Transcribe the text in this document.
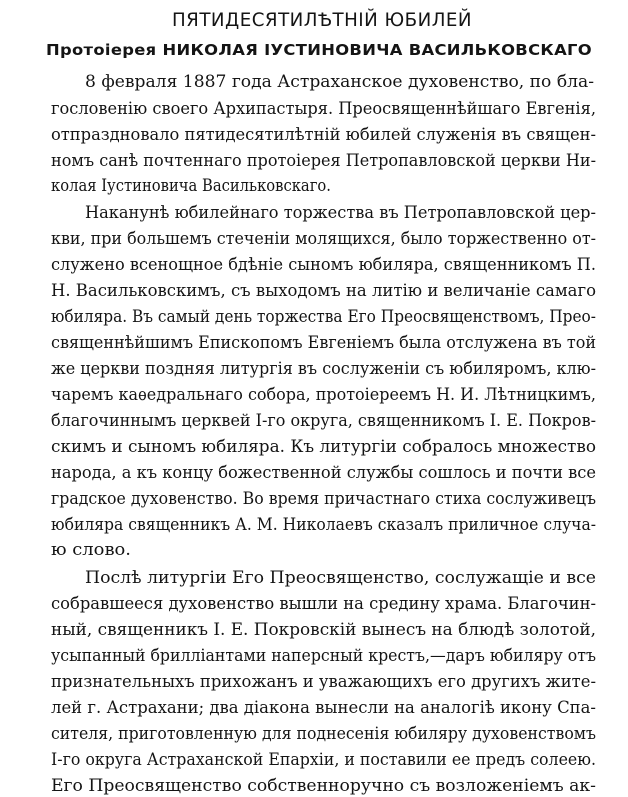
ПЯТИДЕСЯТИЛѢТНІЙ ЮБИЛЕЙ
Протоіерея НИКОЛАЯ ІУСТИНОВИЧА ВАСИЛЬКОВСКАГО

8 февраля 1887 года Астраханское духовенство, по бла-

гословенію своего Архипастыря. Преосвященнѣйшаго Евгенія,

отпраздновало пятидесятилѣтній юбилей служенія въ священ-

номъ санѣ почтеннаго протоіерея Петропавловской церкви Ни-

колая Іустиновича Васильковскаго.

Наканунѣ юбилейнаго торжества въ Петропавловской цер-

кви, при большемъ стеченіи молящихся, было торжественно от-

служено всенощное бдѣніе сыномъ юбиляра, священникомъ П.

Н. Васильковскимъ, съ выходомъ на литію и величаніе самаго

юбиляра. Въ самый день торжества Его Преосвященствомъ, Прео-

священнѣйшимъ Епископомъ Евгеніемъ была отслужена въ той

же церкви поздняя литургія въ сослуженіи съ юбиляромъ, клю-

чаремъ каѳедральнаго собора, протоіереемъ Н. И. Лѣтницкимъ,

благочиннымъ церквей І-го округа, священникомъ І. Е. Покров-

скимъ и сыномъ юбиляра. Къ литургіи собралось множество

народа, а къ концу божественной службы сошлось и почти все

градское духовенство. Во время причастнаго стиха сослуживецъ

юбиляра священникъ А. М. Николаевъ сказалъ приличное случа-

ю слово.

Послѣ литургіи Его Преосвященство, сослужащіе и все

собравшееся духовенство вышли на средину храма. Благочин-

ный, священникъ І. Е. Покровскій вынесъ на блюдѣ золотой,

усыпанный брилліантами наперсный крестъ,—даръ юбиляру отъ

признательныхъ прихожанъ и уважающихъ его другихъ жите-

лей г. Астрахани; два діакона вынесли на аналогіѣ икону Спа-

сителя, приготовленную для поднесенія юбиляру духовенствомъ

І-го округа Астраханской Епархіи, и поставили ее предъ солеею.

Его Преосвященство собственноручно съ возложеніемъ ак-
